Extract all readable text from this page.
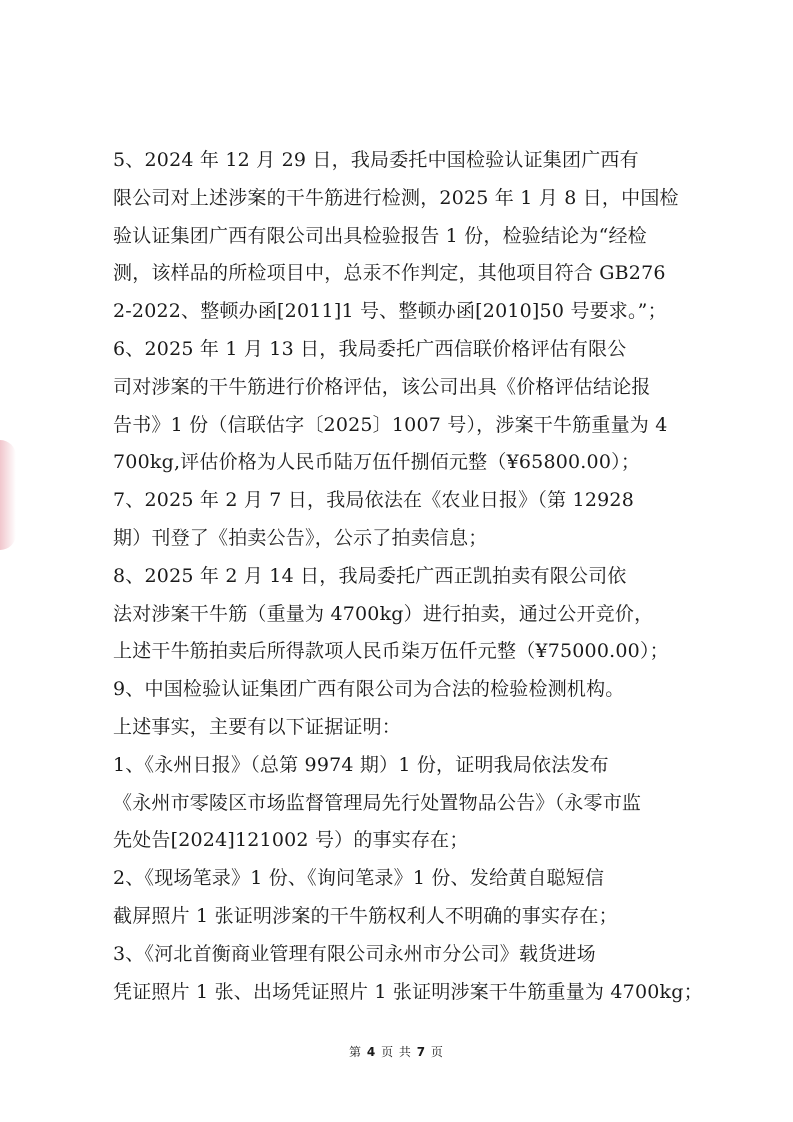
5、2024 年 12 月 29 日，我局委托中国检验认证集团广西有
限公司对上述涉案的干牛筋进行检测，2025 年 1 月 8 日，中国检
验认证集团广西有限公司出具检验报告 1 份，检验结论为“经检
测，该样品的所检项目中，总汞不作判定，其他项目符合 GB276
2-2022、整顿办函[2011]1 号、整顿办函[2010]50 号要求。”；
6、2025 年 1 月 13 日，我局委托广西信联价格评估有限公
司对涉案的干牛筋进行价格评估，该公司出具《价格评估结论报
告书》1 份（信联估字〔2025〕1007 号），涉案干牛筋重量为 4
700kg,评估价格为人民币陆万伍仟捌佰元整（¥65800.00）；
7、2025 年 2 月 7 日，我局依法在《农业日报》（第 12928
期）刊登了《拍卖公告》，公示了拍卖信息；
8、2025 年 2 月 14 日，我局委托广西正凯拍卖有限公司依
法对涉案干牛筋（重量为 4700kg）进行拍卖，通过公开竞价，
上述干牛筋拍卖后所得款项人民币柒万伍仟元整（¥75000.00）；
9、中国检验认证集团广西有限公司为合法的检验检测机构。
上述事实，主要有以下证据证明：
1、《永州日报》（总第 9974 期）1 份，证明我局依法发布
《永州市零陵区市场监督管理局先行处置物品公告》（永零市监
先处告[2024]121002 号）的事实存在；
2、《现场笔录》1 份、《询问笔录》1 份、发给黄自聪短信
截屏照片 1 张证明涉案的干牛筋权利人不明确的事实存在；
3、《河北首衡商业管理有限公司永州市分公司》载货进场
凭证照片 1 张、出场凭证照片 1 张证明涉案干牛筋重量为 4700kg；
第 4 页 共 7 页
